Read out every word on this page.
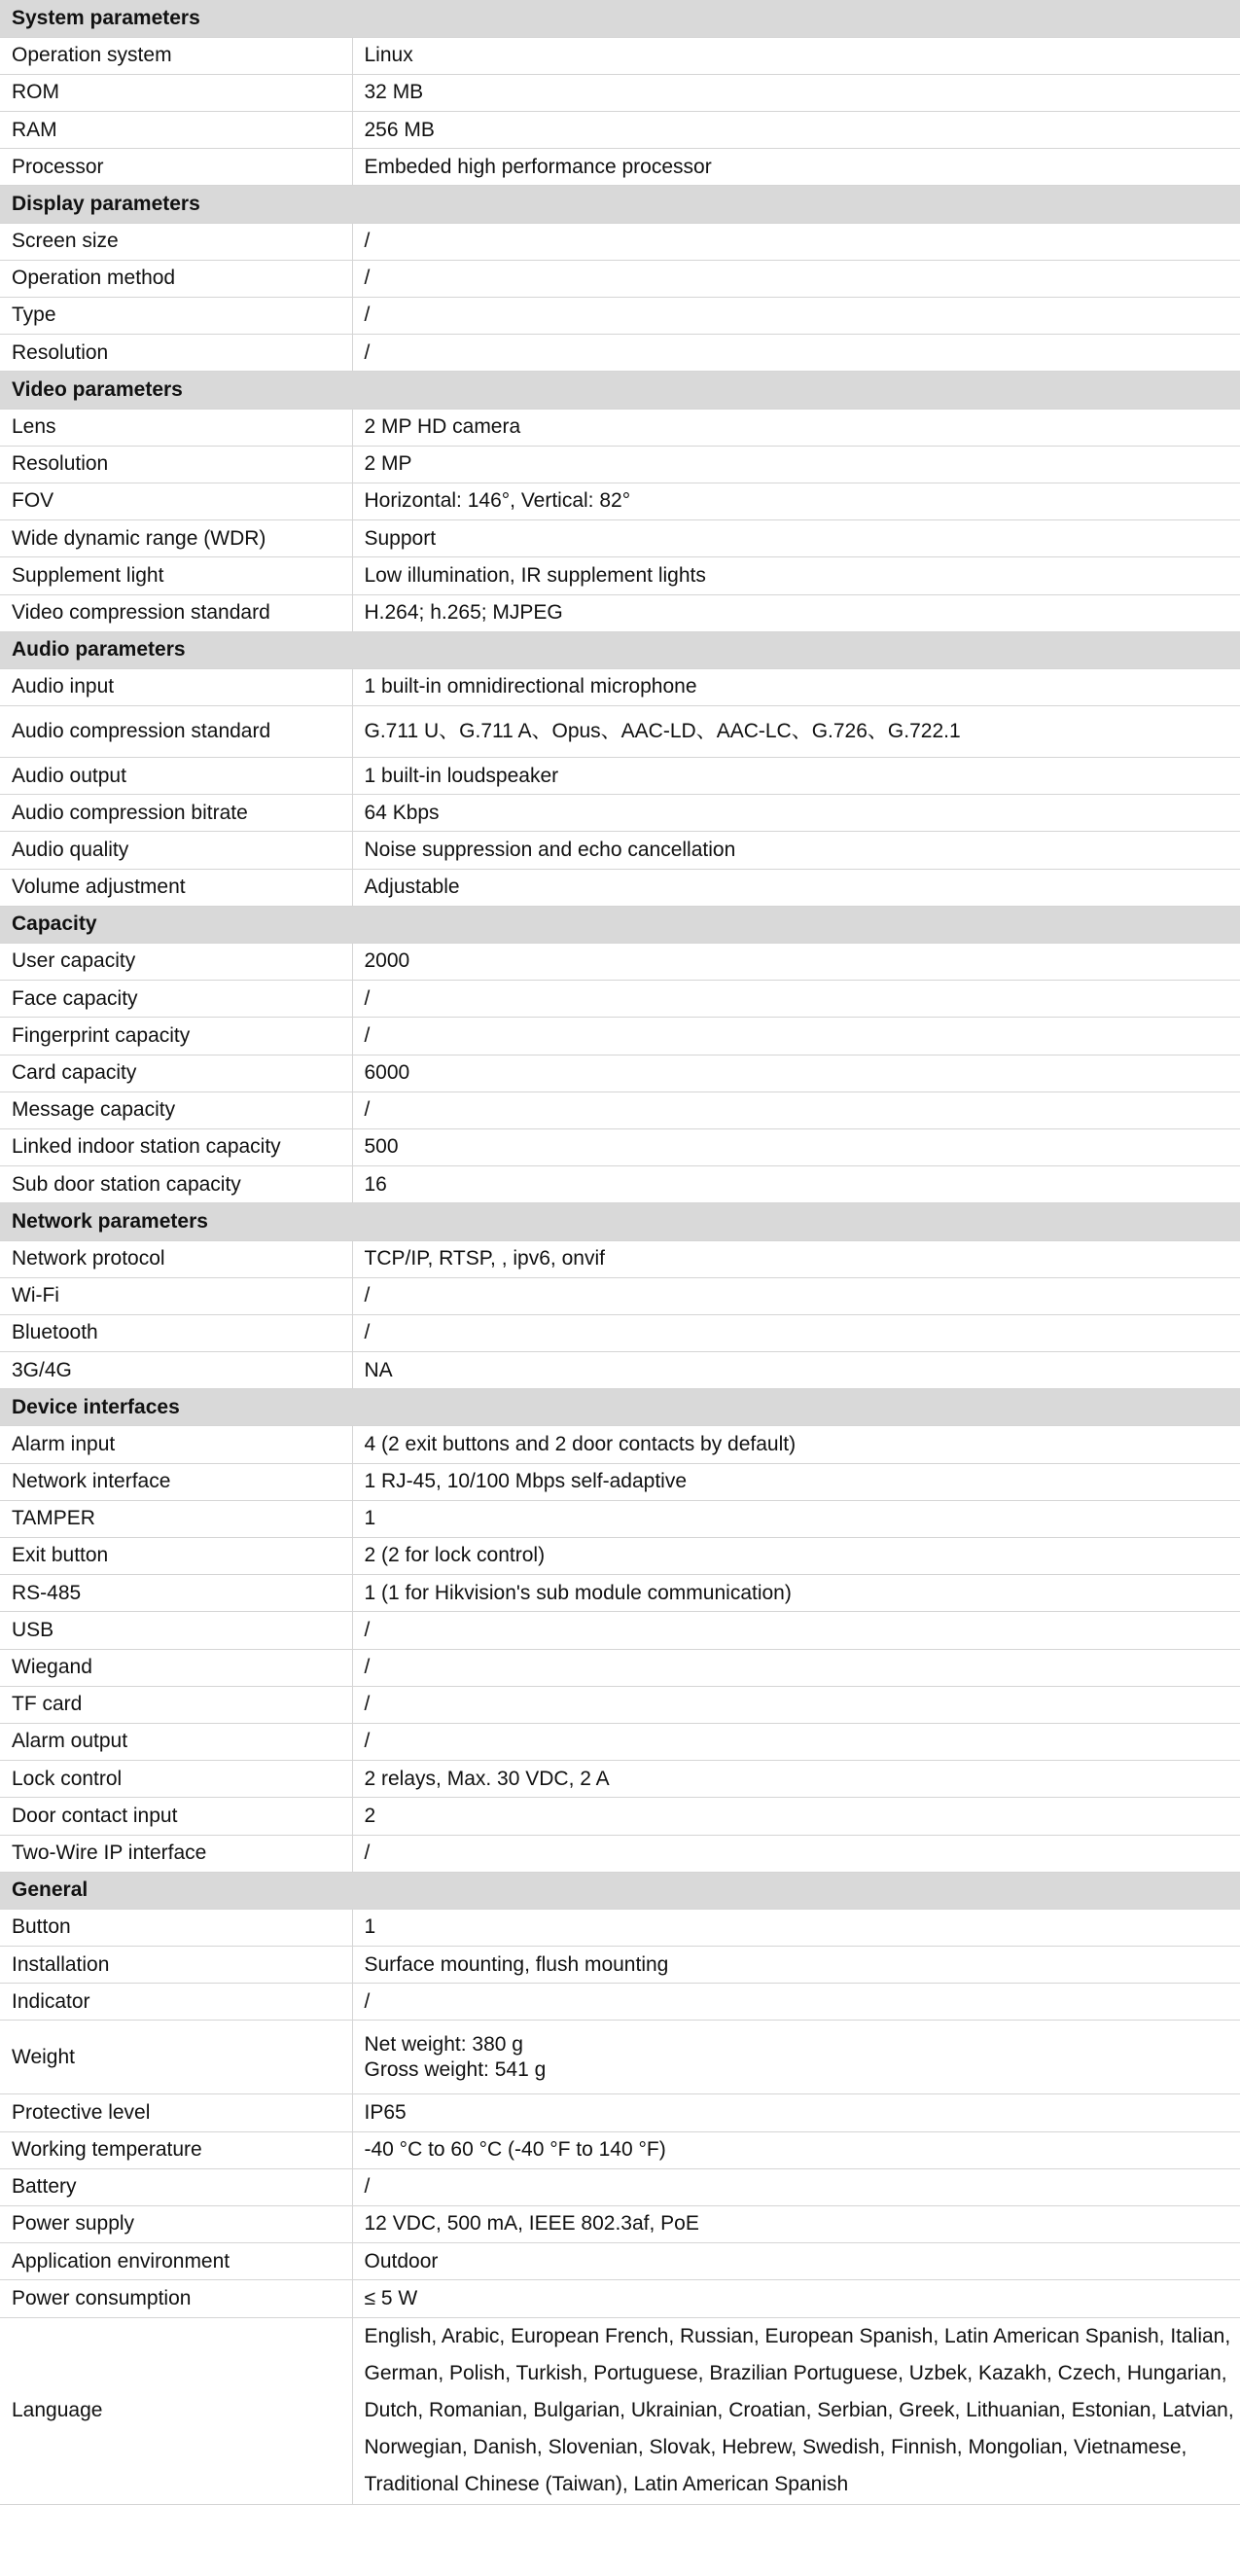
System parameters	
Operation system	Linux
ROM	32 MB
RAM	256 MB
Processor	Embeded high performance processor
Display parameters	
Screen size	/
Operation method	/
Type	/
Resolution	/
Video parameters	
Lens	2 MP HD camera
Resolution	2 MP
FOV	Horizontal: 146°, Vertical: 82°
Wide dynamic range (WDR)	Support
Supplement light	Low illumination, IR supplement lights
Video compression standard	H.264; h.265; MJPEG
Audio parameters	
Audio input	1 built-in omnidirectional microphone
Audio compression standard	G.711 U、G.711 A、Opus、AAC-LD、AAC-LC、G.726、G.722.1
Audio output	1 built-in loudspeaker
Audio compression bitrate	64 Kbps
Audio quality	Noise suppression and echo cancellation
Volume adjustment	Adjustable
Capacity	
User capacity	2000
Face capacity	/
Fingerprint capacity	/
Card capacity	6000
Message capacity	/
Linked indoor station capacity	500
Sub door station capacity	16
Network parameters	
Network protocol	TCP/IP, RTSP, , ipv6, onvif
Wi-Fi	/
Bluetooth	/
3G/4G	NA
Device interfaces	
Alarm input	4 (2 exit buttons and 2 door contacts by default)
Network interface	1 RJ-45, 10/100 Mbps self-adaptive
TAMPER	1
Exit button	2 (2 for lock control)
RS-485	1 (1 for Hikvision's sub module communication)
USB	/
Wiegand	/
TF card	/
Alarm output	/
Lock control	2 relays, Max. 30 VDC, 2 A
Door contact input	2
Two-Wire IP interface	/
General	
Button	1
Installation	Surface mounting, flush mounting
Indicator	/
Weight	Net weight: 380 g
Gross weight: 541 g

Protective level	IP65
Working temperature	-40 °C to 60 °C (-40 °F to 140 °F)
Battery	/
Power supply	12 VDC, 500 mA, IEEE 802.3af, PoE
Application environment	Outdoor
Power consumption	≤ 5 W
Language	English, Arabic, European French, Russian, European Spanish, Latin American Spanish, Italian, German, Polish, Turkish, Portuguese, Brazilian Portuguese, Uzbek, Kazakh, Czech, Hungarian, Dutch, Romanian, Bulgarian, Ukrainian, Croatian, Serbian, Greek, Lithuanian, Estonian, Latvian, Norwegian, Danish, Slovenian, Slovak, Hebrew, Swedish, Finnish, Mongolian, Vietnamese, Traditional Chinese (Taiwan), Latin American Spanish
